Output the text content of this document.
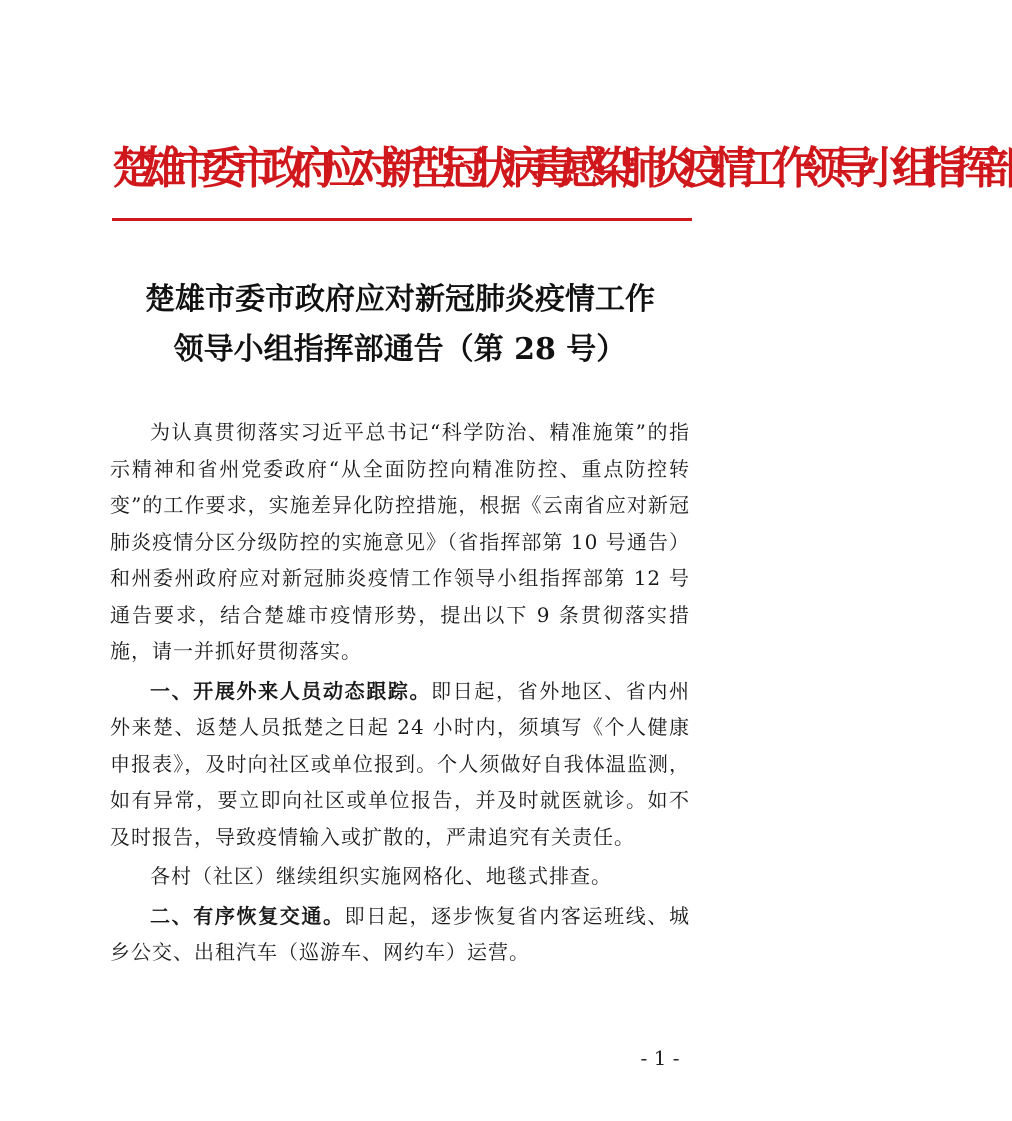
楚雄市委市政府应对新型冠状病毒感染肺炎疫情工作领导小组指挥部
楚雄市委市政府应对新冠肺炎疫情工作
领导小组指挥部通告（第 28 号）

为认真贯彻落实习近平总书记“科学防治、精准施策”的指示精神和省州党委政府“从全面防控向精准防控、重点防控转变”的工作要求，实施差异化防控措施，根据《云南省应对新冠肺炎疫情分区分级防控的实施意见》（省指挥部第 10 号通告）和州委州政府应对新冠肺炎疫情工作领导小组指挥部第 12 号通告要求，结合楚雄市疫情形势，提出以下 9 条贯彻落实措施，请一并抓好贯彻落实。

一、开展外来人员动态跟踪。即日起，省外地区、省内州外来楚、返楚人员抵楚之日起 24 小时内，须填写《个人健康申报表》，及时向社区或单位报到。个人须做好自我体温监测，如有异常，要立即向社区或单位报告，并及时就医就诊。如不及时报告，导致疫情输入或扩散的，严肃追究有关责任。

各村（社区）继续组织实施网格化、地毯式排查。

二、有序恢复交通。即日起，逐步恢复省内客运班线、城乡公交、出租汽车（巡游车、网约车）运营。

- 1 -
